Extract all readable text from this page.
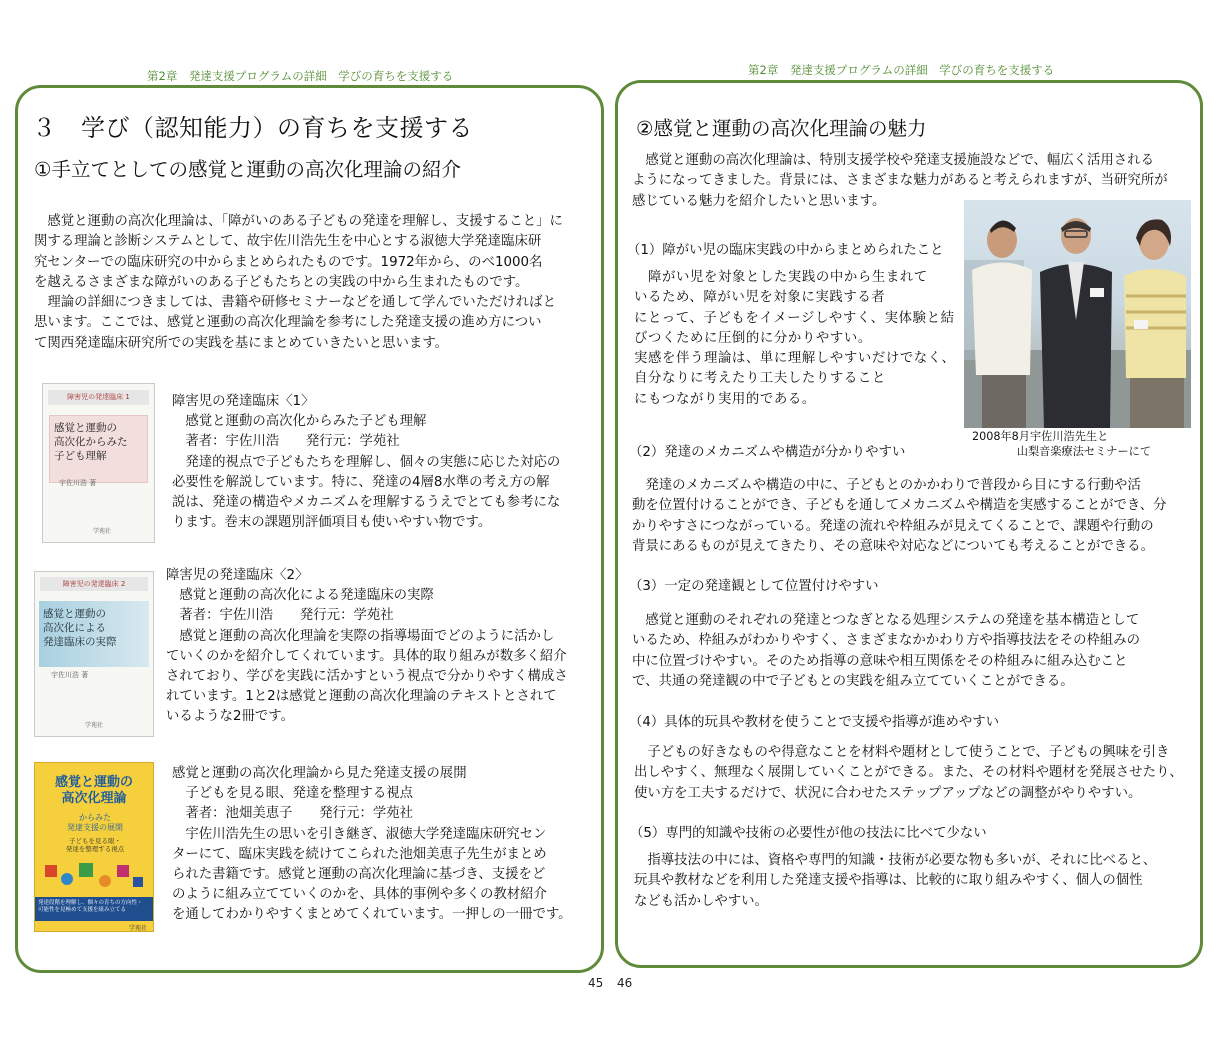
第2章　発達支援プログラムの詳細　学びの育ちを支援する
３　学び（認知能力）の育ちを支援する
①手立てとしての感覚と運動の高次化理論の紹介
　感覚と運動の高次化理論は、「障がいのある子どもの発達を理解し、支援すること」に
関する理論と診断システムとして、故宇佐川浩先生を中心とする淑徳大学発達臨床研
究センターでの臨床研究の中からまとめられたものです。1972年から、のべ1000名
を越えるさまざまな障がいのある子どもたちとの実践の中から生まれたものです。
　理論の詳細につきましては、書籍や研修セミナーなどを通して学んでいただければと
思います。ここでは、感覚と運動の高次化理論を参考にした発達支援の進め方につい
て関西発達臨床研究所での実践を基にまとめていきたいと思います。
障害児の発達臨床 1
感覚と運動の
高次化からみた
子ども理解
宇佐川浩 著
学苑社
障害児の発達臨床〈1〉
　感覚と運動の高次化からみた子ども理解
　著者：宇佐川浩　　発行元：学苑社
　発達的視点で子どもたちを理解し、個々の実態に応じた対応の
必要性を解説しています。特に、発達の4層8水準の考え方の解
説は、発達の構造やメカニズムを理解するうえでとても参考にな
ります。巻末の課題別評価項目も使いやすい物です。
障害児の発達臨床 2
感覚と運動の
高次化による
発達臨床の実際
宇佐川浩 著
学苑社
障害児の発達臨床〈2〉
　感覚と運動の高次化による発達臨床の実際
　著者：宇佐川浩　　発行元：学苑社
　感覚と運動の高次化理論を実際の指導場面でどのように活かし
ていくのかを紹介してくれています。具体的取り組みが数多く紹介
されており、学びを実践に活かすという視点で分かりやすく構成さ
れています。1と2は感覚と運動の高次化理論のテキストとされて
いるような2冊です。
感覚と運動の
高次化理論
からみた
発達支援の展開
子どもを見る眼・
発達を整理する視点
発達段階を理解し、個々の育ちの方向性・
可能性を見極めて支援を組み立てる
学苑社
感覚と運動の高次化理論から見た発達支援の展開
　子どもを見る眼、発達を整理する視点
　著者：池畑美恵子　　発行元：学苑社
　宇佐川浩先生の思いを引き継ぎ、淑徳大学発達臨床研究セン
ターにて、臨床実践を続けてこられた池畑美恵子先生がまとめ
られた書籍です。感覚と運動の高次化理論に基づき、支援をど
のように組み立てていくのかを、具体的事例や多くの教材紹介
を通してわかりやすくまとめてくれています。一押しの一冊です。
第2章　発達支援プログラムの詳細　学びの育ちを支援する
②感覚と運動の高次化理論の魅力
　感覚と運動の高次化理論は、特別支援学校や発達支援施設などで、幅広く活用される
ようになってきました。背景には、さまざまな魅力があると考えられますが、当研究所が
感じている魅力を紹介したいと思います。
2008年8月宇佐川浩先生と
　　　　山梨音楽療法セミナーにて
（1）障がい児の臨床実践の中からまとめられたこと
　障がい児を対象とした実践の中から生まれて
いるため、障がい児を対象に実践する者
にとって、子どもをイメージしやすく、実体験と結
びつくために圧倒的に分かりやすい。
実感を伴う理論は、単に理解しやすいだけでなく、
自分なりに考えたり工夫したりすること
にもつながり実用的である。
（2）発達のメカニズムや構造が分かりやすい
　発達のメカニズムや構造の中に、子どもとのかかわりで普段から目にする行動や活
動を位置付けることができ、子どもを通してメカニズムや構造を実感することができ、分
かりやすさにつながっている。発達の流れや枠組みが見えてくることで、課題や行動の
背景にあるものが見えてきたり、その意味や対応などについても考えることができる。
（3）一定の発達観として位置付けやすい
　感覚と運動のそれぞれの発達とつなぎとなる処理システムの発達を基本構造として
いるため、枠組みがわかりやすく、さまざまなかかわり方や指導技法をその枠組みの
中に位置づけやすい。そのため指導の意味や相互関係をその枠組みに組み込むこと
で、共通の発達観の中で子どもとの実践を組み立てていくことができる。
（4）具体的玩具や教材を使うことで支援や指導が進めやすい
　子どもの好きなものや得意なことを材料や題材として使うことで、子どもの興味を引き
出しやすく、無理なく展開していくことができる。また、その材料や題材を発展させたり、
使い方を工夫するだけで、状況に合わせたステップアップなどの調整がやりやすい。
（5）専門的知識や技術の必要性が他の技法に比べて少ない
　指導技法の中には、資格や専門的知識・技術が必要な物も多いが、それに比べると、
玩具や教材などを利用した発達支援や指導は、比較的に取り組みやすく、個人の個性
なども活かしやすい。
45 46
